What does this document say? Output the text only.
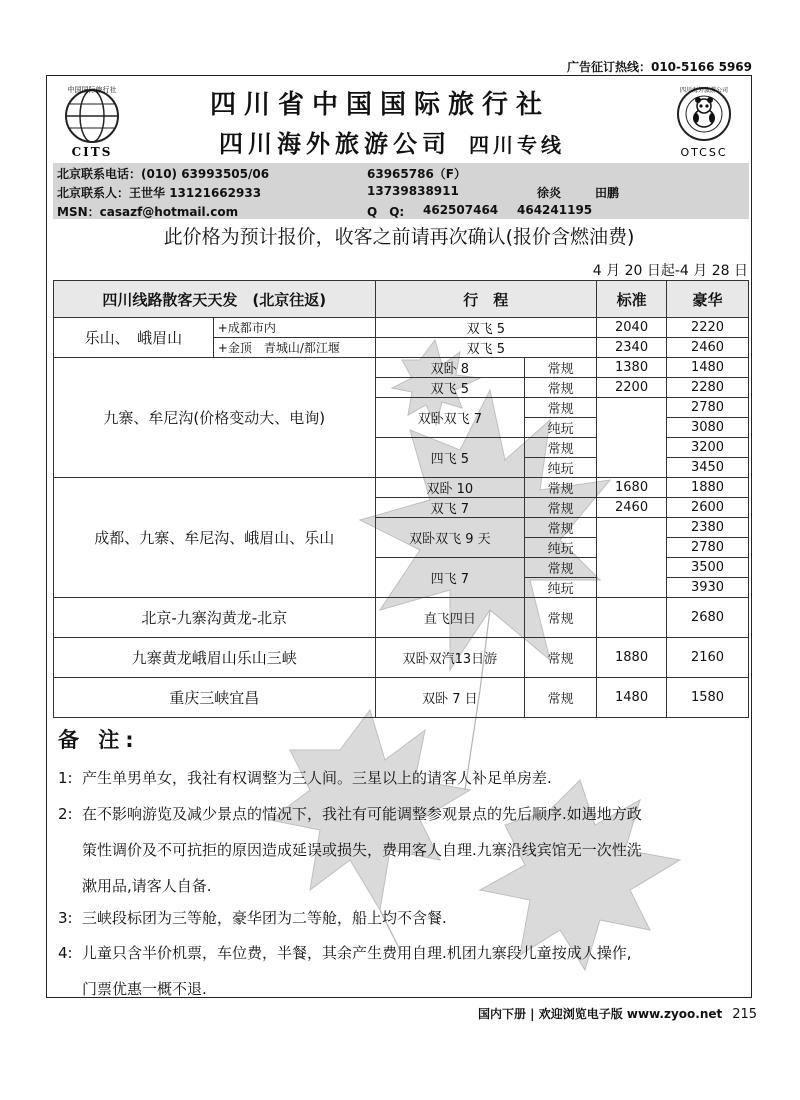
广告征订热线：010-5166 5969
中国国际旅行社
CITS
四川海外旅游公司
OTCSC
四川省中国国际旅行社
四川海外旅游公司 四川专线
北京联系电话：(010) 63993505/06	63965786（F）
北京联系人：王世华 13121662933	13739838911	徐炎	田鹏
MSN：casazf@hotmail.com	Q　Q: 462507464 464241195
此价格为预计报价，收客之前请再次确认(报价含燃油费)
4 月 20 日起-4 月 28 日
四川线路散客天天发　(北京往返)		行　程		标准	豪华
乐山、　峨眉山	+成都市内	双飞 5		2040	2220
	+金顶　青城山/都江堰	双飞 5		2340	2460
九寨、牟尼沟(价格变动大、电询)		双卧 8	常规	1380	1480
		双飞 5	常规	2200	2280
		双卧双飞 7	常规		2780
			纯玩		3080
		四飞 5	常规		3200
			纯玩		3450
成都、九寨、牟尼沟、峨眉山、乐山		双卧 10	常规	1680	1880
		双飞 7	常规	2460	2600
		双卧双飞 9 天	常规		2380
			纯玩		2780
		四飞 7	常规		3500
			纯玩		3930
北京-九寨沟黄龙-北京		直飞四日	常规		2680
九寨黄龙峨眉山乐山三峡		双卧双汽13日游	常规	1880	2160
重庆三峡宜昌		双卧 7 日	常规	1480	1580
备 注:
1: 产生单男单女，我社有权调整为三人间。三星以上的请客人补足单房差.
2: 在不影响游览及减少景点的情况下，我社有可能调整参观景点的先后顺序.如遇地方政
策性调价及不可抗拒的原因造成延误或损失，费用客人自理.九寨沿线宾馆无一次性洗
漱用品,请客人自备.
3: 三峡段标团为三等舱，豪华团为二等舱，船上均不含餐.
4: 儿童只含半价机票，车位费，半餐，其余产生费用自理.机团九寨段儿童按成人操作,
门票优惠一概不退.
国内下册 | 欢迎浏览电子版 www.zyoo.net 215
